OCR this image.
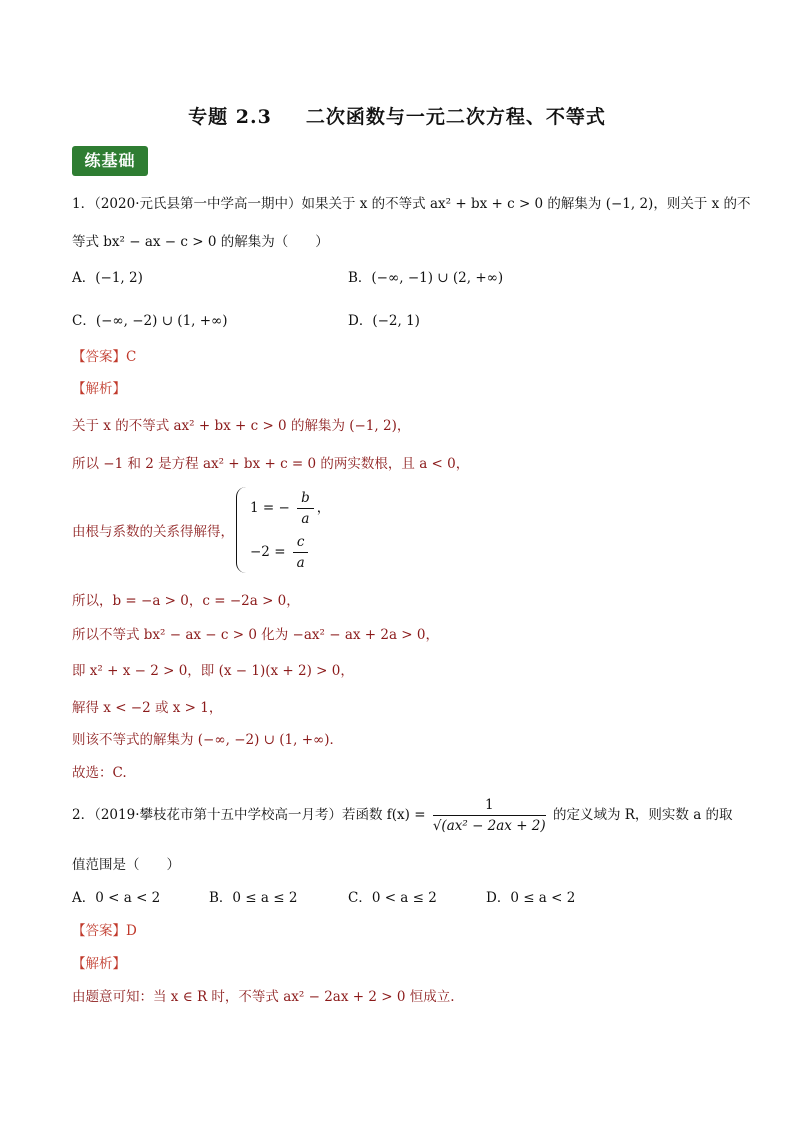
专题 2.3 二次函数与一元二次方程、不等式
练基础
1．（2020·元氏县第一中学高一期中）如果关于 x 的不等式 ax² + bx + c > 0 的解集为 (−1, 2)，则关于 x 的不
等式 bx² − ax − c > 0 的解集为（　　）
A．(−1, 2)	B．(−∞, −1) ∪ (2, +∞)
C．(−∞, −2) ∪ (1, +∞)	D．(−2, 1)
【答案】C
【解析】
关于 x 的不等式 ax² + bx + c > 0 的解集为 (−1, 2)，
所以 −1 和 2 是方程 ax² + bx + c = 0 的两实数根，且 a < 0，
由根与系数的关系得解得，
1 = − $\frac{b}{a}$ ，
$-2 = \frac{c}{a}$
所以，b = −a > 0，c = −2a > 0，
所以不等式 bx² − ax − c > 0 化为 −ax² − ax + 2a > 0，
即 x² + x − 2 > 0，即 (x − 1)(x + 2) > 0，
解得 x < −2 或 x > 1，
则该不等式的解集为 (−∞, −2) ∪ (1, +∞)．
故选：C.
2．（2019·攀枝花市第十五中学校高一月考）若函数 $f(x) = \frac{1}{\text{√(ax² − 2ax + 2)}}$ 的定义域为 R，则实数 a 的取
值范围是（　　）
A．0 < a < 2	B．0 ≤ a ≤ 2	C．0 < a ≤ 2	D．0 ≤ a < 2
【答案】D
【解析】
由题意可知：当 x ∈ R 时，不等式 ax² − 2ax + 2 > 0 恒成立.
